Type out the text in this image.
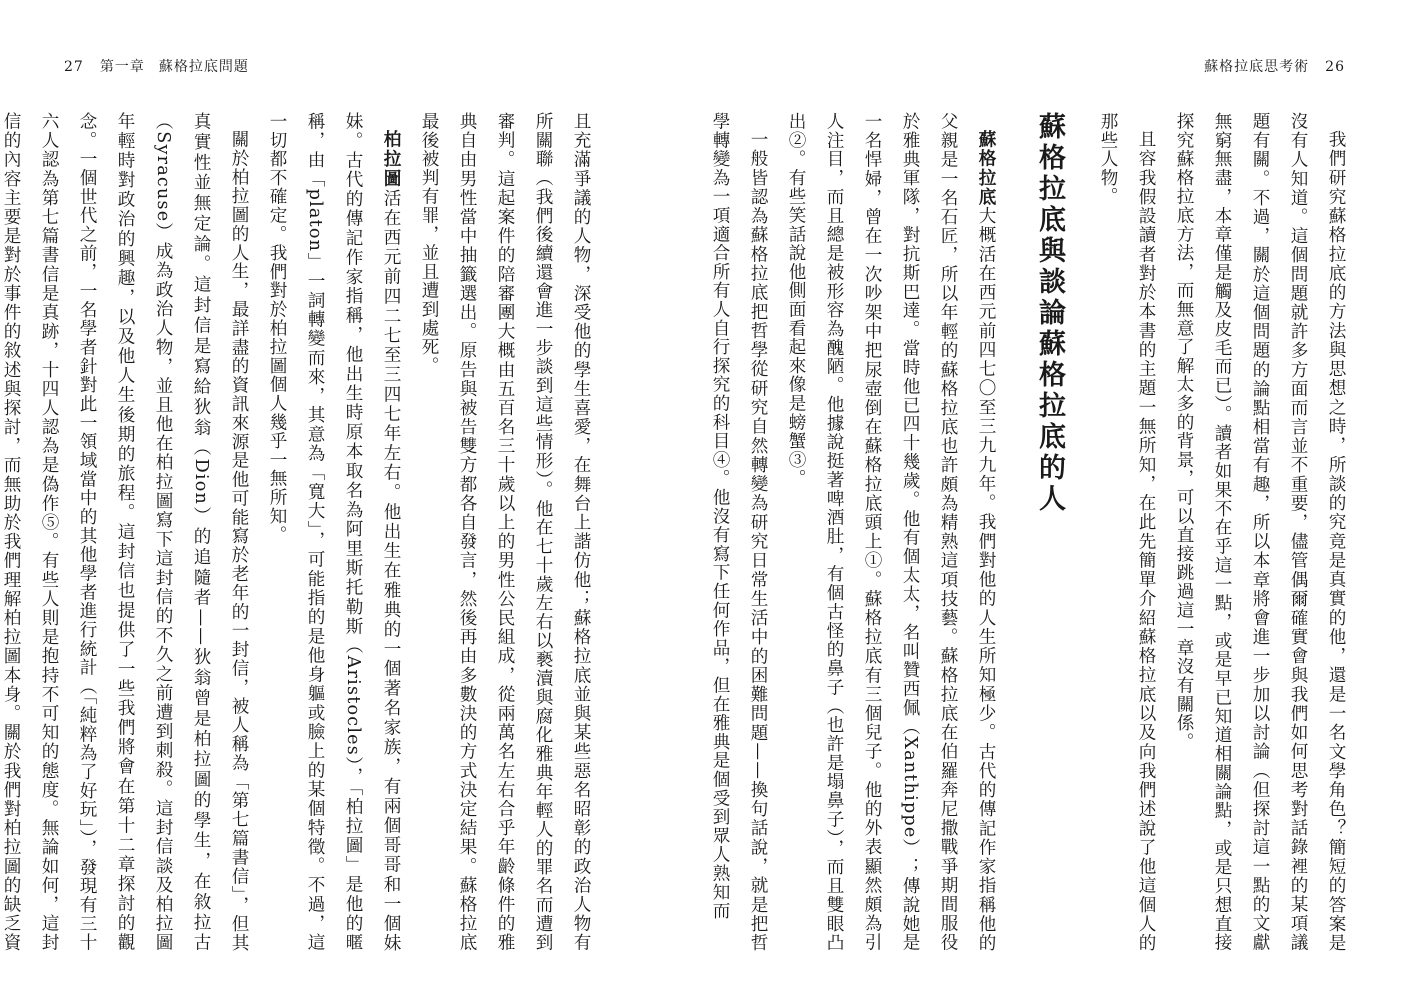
27 第一章 蘇格拉底問題	蘇格拉底思考術 26

我們研究蘇格拉底的方法與思想之時，所談的究竟是真實的他，還是一名文學角色？簡短的答案是沒有人知道。這個問題就許多方面而言並不重要，儘管偶爾確實會與我們如何思考對話錄裡的某項議題有關。不過，關於這個問題的論點相當有趣，所以本章將會進一步加以討論（但探討這一點的文獻無窮無盡，本章僅是觸及皮毛而已）。讀者如果不在乎這一點，或是早已知道相關論點，或是只想直接探究蘇格拉底方法，而無意了解太多的背景，可以直接跳過這一章沒有關係。

且容我假設讀者對於本書的主題一無所知，在此先簡單介紹蘇格拉底以及向我們述說了他這個人的那些人物。

蘇格拉底與談論蘇格拉底的人

蘇格拉底大概活在西元前四七〇至三九九年。我們對他的人生所知極少。古代的傳記作家指稱他的父親是一名石匠，所以年輕的蘇格拉底也許頗為精熟這項技藝。蘇格拉底在伯羅奔尼撒戰爭期間服役於雅典軍隊，對抗斯巴達。當時他已四十幾歲。他有個太太，名叫贊西佩（Xanthippe）；傳說她是一名悍婦，曾在一次吵架中把尿壺倒在蘇格拉底頭上①。蘇格拉底有三個兒子。他的外表顯然頗為引人注目，而且總是被形容為醜陋。他據說挺著啤酒肚，有個古怪的鼻子（也許是塌鼻子），而且雙眼凸出②。有些笑話說他側面看起來像是螃蟹③。

一般皆認為蘇格拉底把哲學從研究自然轉變為研究日常生活中的困難問題——換句話說，就是把哲學轉變為一項適合所有人自行探究的科目④。他沒有寫下任何作品，但在雅典是個受到眾人熟知而

且充滿爭議的人物，深受他的學生喜愛，在舞台上諧仿他；蘇格拉底並與某些惡名昭彰的政治人物有所關聯（我們後續還會進一步談到這些情形）。他在七十歲左右以褻瀆與腐化雅典年輕人的罪名而遭到審判。這起案件的陪審團大概由五百名三十歲以上的男性公民組成，從兩萬名左右合乎年齡條件的雅典自由男性當中抽籤選出。原告與被告雙方都各自發言，然後再由多數決的方式決定結果。蘇格拉底最後被判有罪，並且遭到處死。

柏拉圖活在西元前四二七至三四七年左右。他出生在雅典的一個著名家族，有兩個哥哥和一個妹妹。古代的傳記作家指稱，他出生時原本取名為阿里斯托勒斯（Aristocles），「柏拉圖」是他的暱稱，由「platon」一詞轉變而來，其意為「寬大」，可能指的是他身軀或臉上的某個特徵。不過，這一切都不確定。我們對於柏拉圖個人幾乎一無所知。

關於柏拉圖的人生，最詳盡的資訊來源是他可能寫於老年的一封信，被人稱為「第七篇書信」，但其真實性並無定論。這封信是寫給狄翁（Dion）的追隨者——狄翁曾是柏拉圖的學生，在敘拉古（Syracuse）成為政治人物，並且他在柏拉圖寫下這封信的不久之前遭到刺殺。這封信談及柏拉圖年輕時對政治的興趣，以及他人生後期的旅程。這封信也提供了一些我們將會在第十二章探討的觀念。一個世代之前，一名學者針對此一領域當中的其他學者進行統計（「純粹為了好玩」），發現有三十六人認為第七篇書信是真跡，十四人認為是偽作⑤。有些人則是抱持不可知的態度。無論如何，這封信的內容主要是對於事件的敘述與探討，而無助於我們理解柏拉圖本身。關於我們對柏拉圖的缺乏資
